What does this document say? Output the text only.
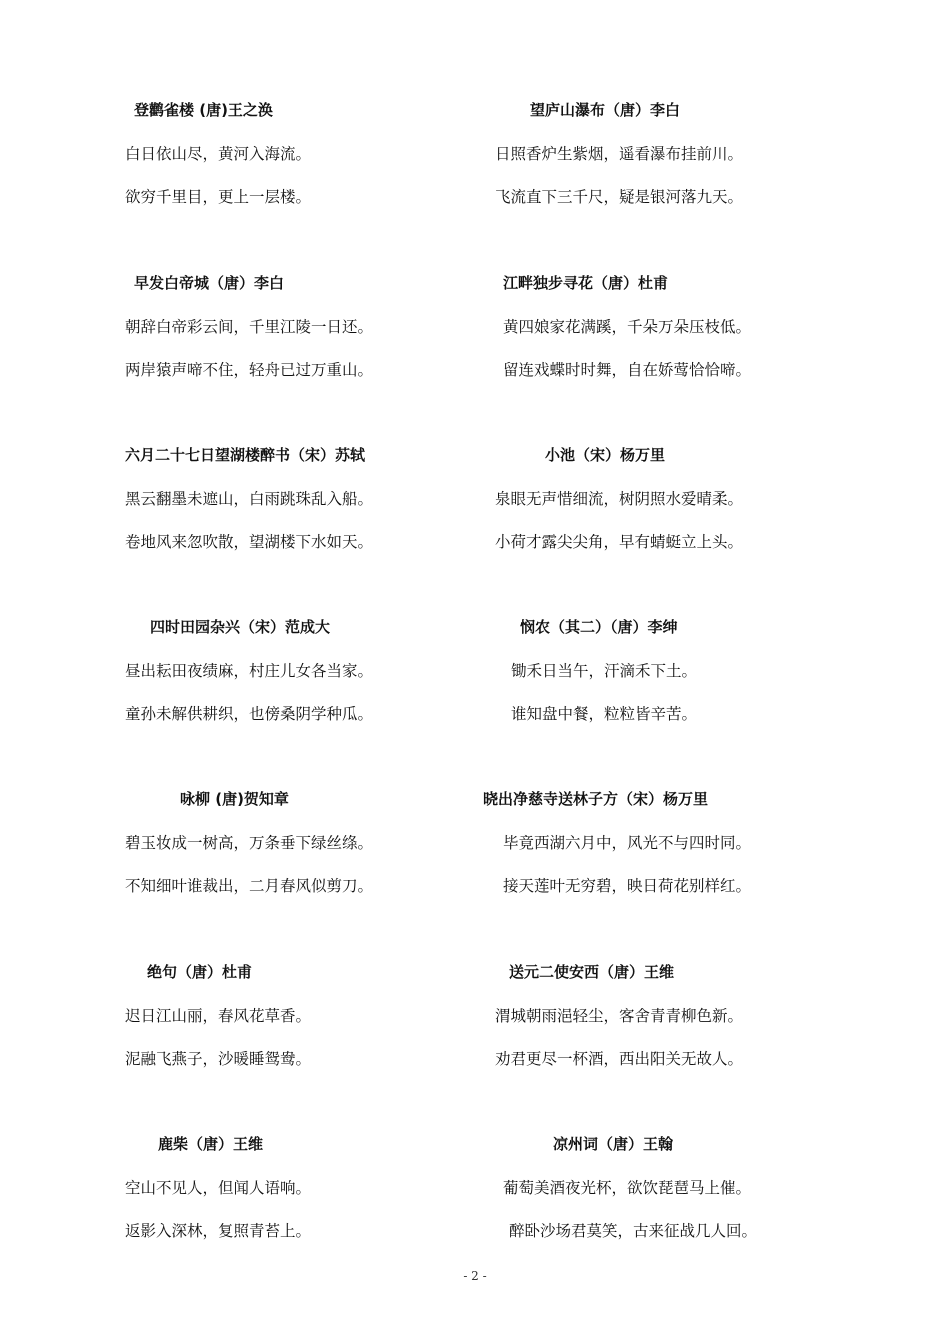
登鹳雀楼 (唐)王之涣
白日依山尽，黄河入海流。
欲穷千里目，更上一层楼。
望庐山瀑布（唐）李白
日照香炉生紫烟，遥看瀑布挂前川。
飞流直下三千尺，疑是银河落九天。
早发白帝城（唐）李白
朝辞白帝彩云间，千里江陵一日还。
两岸猿声啼不住，轻舟已过万重山。
江畔独步寻花（唐）杜甫
黄四娘家花满蹊，千朵万朵压枝低。
留连戏蝶时时舞，自在娇莺恰恰啼。
六月二十七日望湖楼醉书（宋）苏轼
黑云翻墨未遮山，白雨跳珠乱入船。
卷地风来忽吹散，望湖楼下水如天。
小池（宋）杨万里
泉眼无声惜细流，树阴照水爱晴柔。
小荷才露尖尖角，早有蜻蜓立上头。
四时田园杂兴（宋）范成大
昼出耘田夜绩麻，村庄儿女各当家。
童孙未解供耕织，也傍桑阴学种瓜。
悯农（其二）（唐）李绅
锄禾日当午，汗滴禾下土。
谁知盘中餐，粒粒皆辛苦。
咏柳 (唐)贺知章
碧玉妆成一树高，万条垂下绿丝绦。
不知细叶谁裁出，二月春风似剪刀。
晓出净慈寺送林子方（宋）杨万里
毕竟西湖六月中，风光不与四时同。
接天莲叶无穷碧，映日荷花别样红。
绝句（唐）杜甫
迟日江山丽，春风花草香。
泥融飞燕子，沙暖睡鸳鸯。
送元二使安西（唐）王维
渭城朝雨浥轻尘，客舍青青柳色新。
劝君更尽一杯酒，西出阳关无故人。
鹿柴（唐）王维
空山不见人，但闻人语响。
返影入深林，复照青苔上。
凉州词（唐）王翰
葡萄美酒夜光杯，欲饮琵琶马上催。
醉卧沙场君莫笑，古来征战几人回。
- 2 -
